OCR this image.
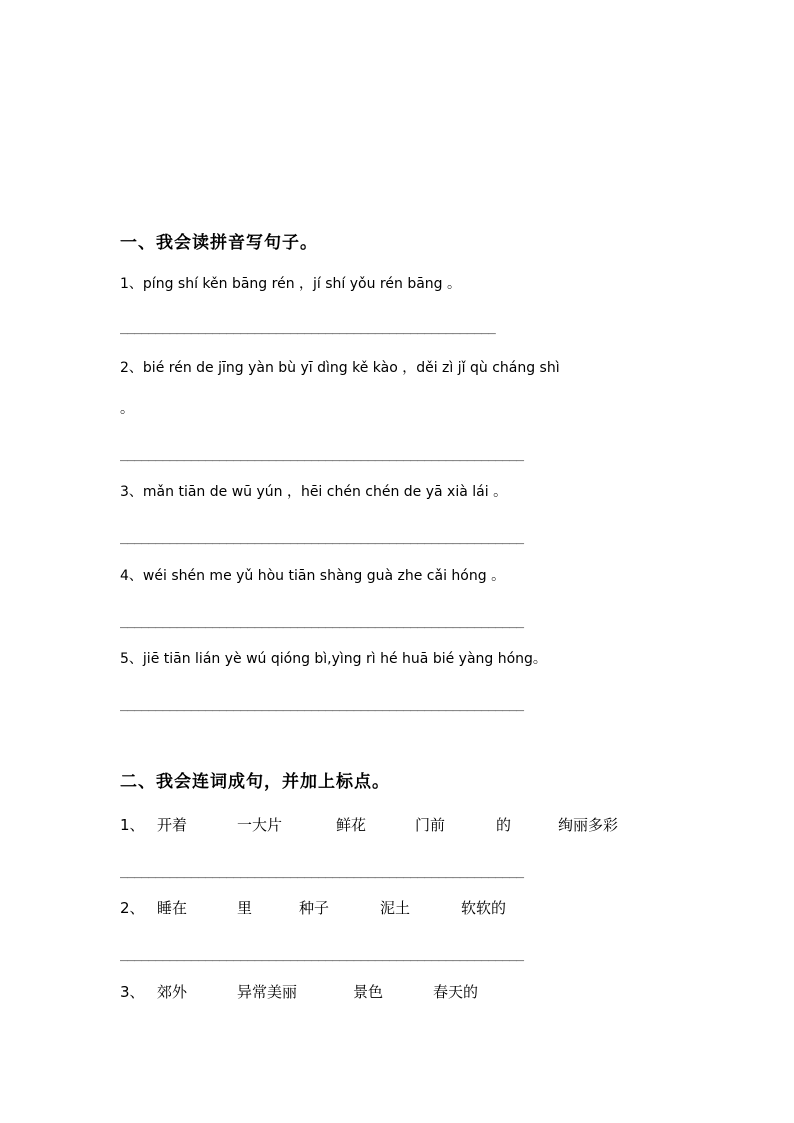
一、我会读拼音写句子。
1、píng shí kěn bāng rén ，jí shí yǒu rén bāng 。
_____________________________________________________
2、bié rén de jīng yàn bù yī dìng kě kào ，děi zì jǐ qù cháng shì
。
_________________________________________________________
3、mǎn tiān de wū yún ，hēi chén chén de yā xià lái 。
_________________________________________________________
4、wéi shén me yǔ hòu tiān shàng guà zhe cǎi hóng 。
_________________________________________________________
5、jiē tiān lián yè wú qióng bì,yìng rì hé huā bié yàng hóng。
_________________________________________________________
二、我会连词成句，并加上标点。
1、 开着	一大片	鲜花	门前	的	绚丽多彩
_________________________________________________________
2、 睡在	里	种子	泥土	软软的
_________________________________________________________
3、 郊外	异常美丽	景色	春天的
